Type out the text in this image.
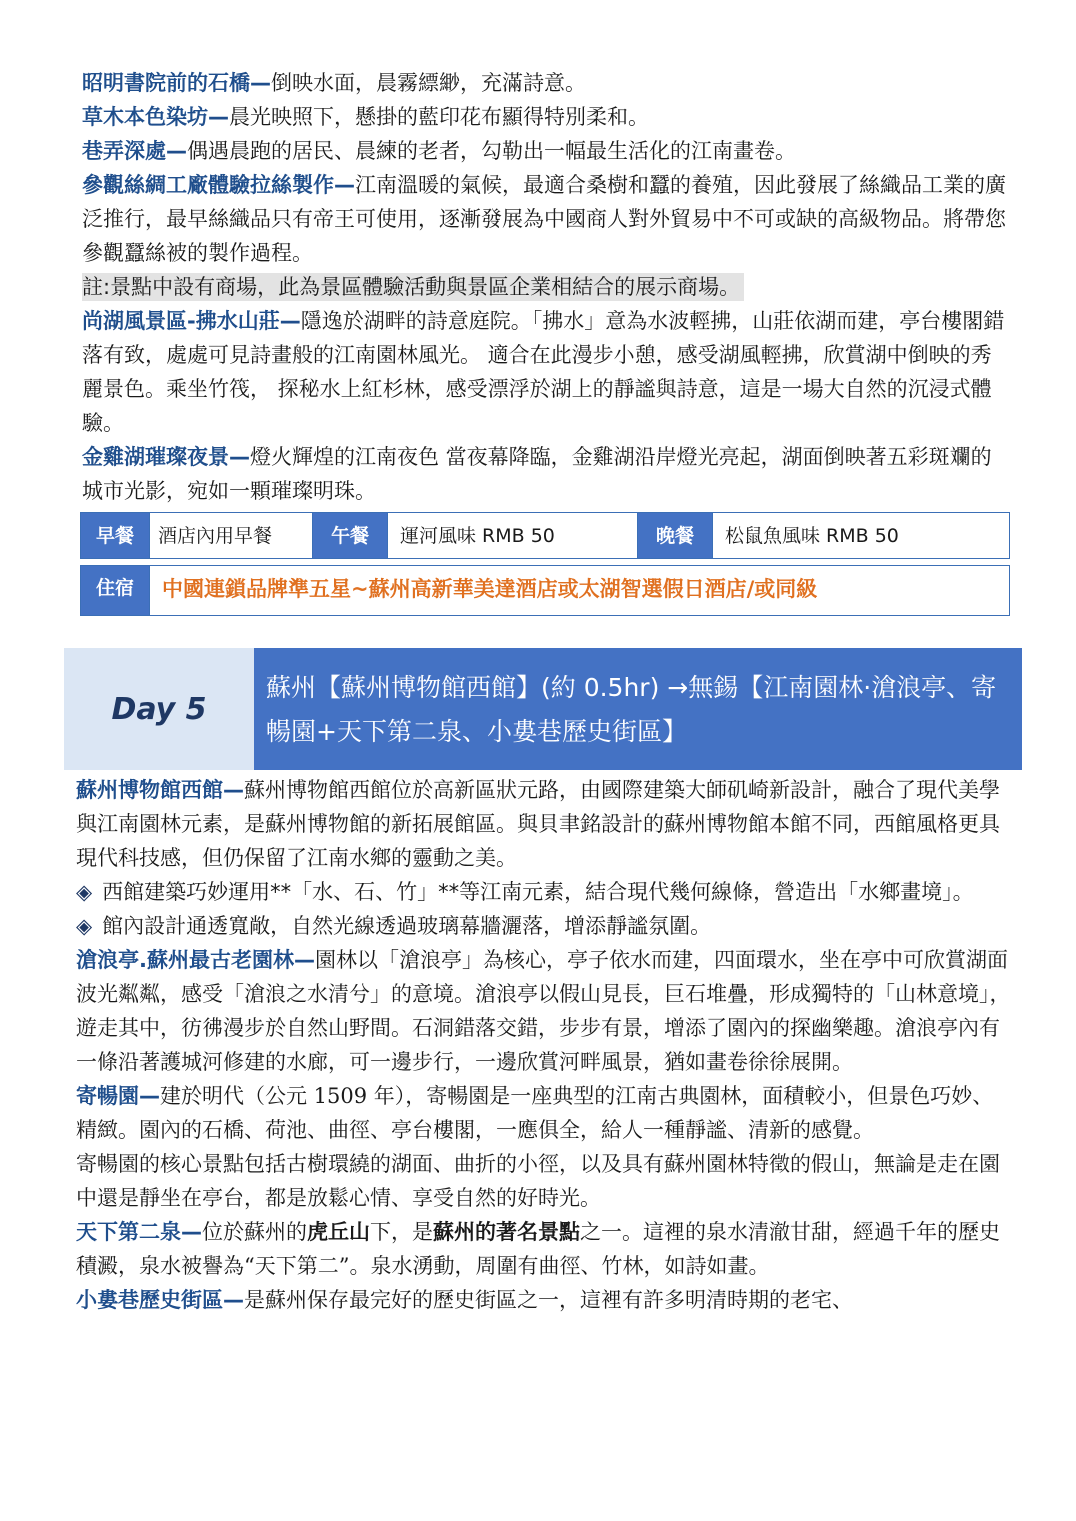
昭明書院前的石橋—倒映水面，晨霧縹緲，充滿詩意。

草木本色染坊—晨光映照下，懸掛的藍印花布顯得特別柔和。

巷弄深處—偶遇晨跑的居民、晨練的老者，勾勒出一幅最生活化的江南畫卷。

參觀絲綢工廠體驗拉絲製作—江南溫暖的氣候，最適合桑樹和蠶的養殖，因此發展了絲織品工業的廣泛推行，最早絲織品只有帝王可使用，逐漸發展為中國商人對外貿易中不可或缺的高級物品。將帶您參觀蠶絲被的製作過程。

註:景點中設有商場，此為景區體驗活動與景區企業相結合的展示商場。

尚湖風景區-拂水山莊—隱逸於湖畔的詩意庭院。「拂水」意為水波輕拂，山莊依湖而建，亭台樓閣錯落有致，處處可見詩畫般的江南園林風光。 適合在此漫步小憩，感受湖風輕拂，欣賞湖中倒映的秀麗景色。乘坐竹筏， 探秘水上紅杉林，感受漂浮於湖上的靜謐與詩意，這是一場大自然的沉浸式體驗。

金雞湖璀璨夜景—燈火輝煌的江南夜色 當夜幕降臨，金雞湖沿岸燈光亮起，湖面倒映著五彩斑斕的城市光影，宛如一顆璀璨明珠。

早餐	酒店內用早餐	午餐	運河風味 RMB 50	晚餐	松鼠魚風味 RMB 50
住宿	中國連鎖品牌準五星~蘇州高新華美達酒店或太湖智選假日酒店/或同級
Day 5
蘇州【蘇州博物館西館】(約 0.5hr) →無錫【江南園林·滄浪亭、寄暢園+天下第二泉、小婁巷歷史街區】

蘇州博物館西館—蘇州博物館西館位於高新區狀元路，由國際建築大師矶崎新設計，融合了現代美學與江南園林元素，是蘇州博物館的新拓展館區。與貝聿銘設計的蘇州博物館本館不同，西館風格更具現代科技感，但仍保留了江南水鄉的靈動之美。

◈ 西館建築巧妙運用**「水、石、竹」**等江南元素，結合現代幾何線條，營造出「水鄉畫境」。

◈ 館內設計通透寬敞，自然光線透過玻璃幕牆灑落，增添靜謐氛圍。

滄浪亭.蘇州最古老園林—園林以「滄浪亭」為核心，亭子依水而建，四面環水，坐在亭中可欣賞湖面波光粼粼，感受「滄浪之水清兮」的意境。滄浪亭以假山見長，巨石堆疊，形成獨特的「山林意境」，遊走其中，彷彿漫步於自然山野間。石洞錯落交錯，步步有景，增添了園內的探幽樂趣。滄浪亭內有一條沿著護城河修建的水廊，可一邊步行，一邊欣賞河畔風景，猶如畫卷徐徐展開。

寄暢園—建於明代（公元 1509 年），寄暢園是一座典型的江南古典園林，面積較小，但景色巧妙、精緻。園內的石橋、荷池、曲徑、亭台樓閣，一應俱全，給人一種靜謐、清新的感覺。

寄暢園的核心景點包括古樹環繞的湖面、曲折的小徑，以及具有蘇州園林特徵的假山，無論是走在園中還是靜坐在亭台，都是放鬆心情、享受自然的好時光。

天下第二泉—位於蘇州的虎丘山下，是蘇州的著名景點之一。這裡的泉水清澈甘甜，經過千年的歷史積澱，泉水被譽為“天下第二”。泉水湧動，周圍有曲徑、竹林，如詩如畫。

小婁巷歷史街區—是蘇州保存最完好的歷史街區之一，這裡有許多明清時期的老宅、
